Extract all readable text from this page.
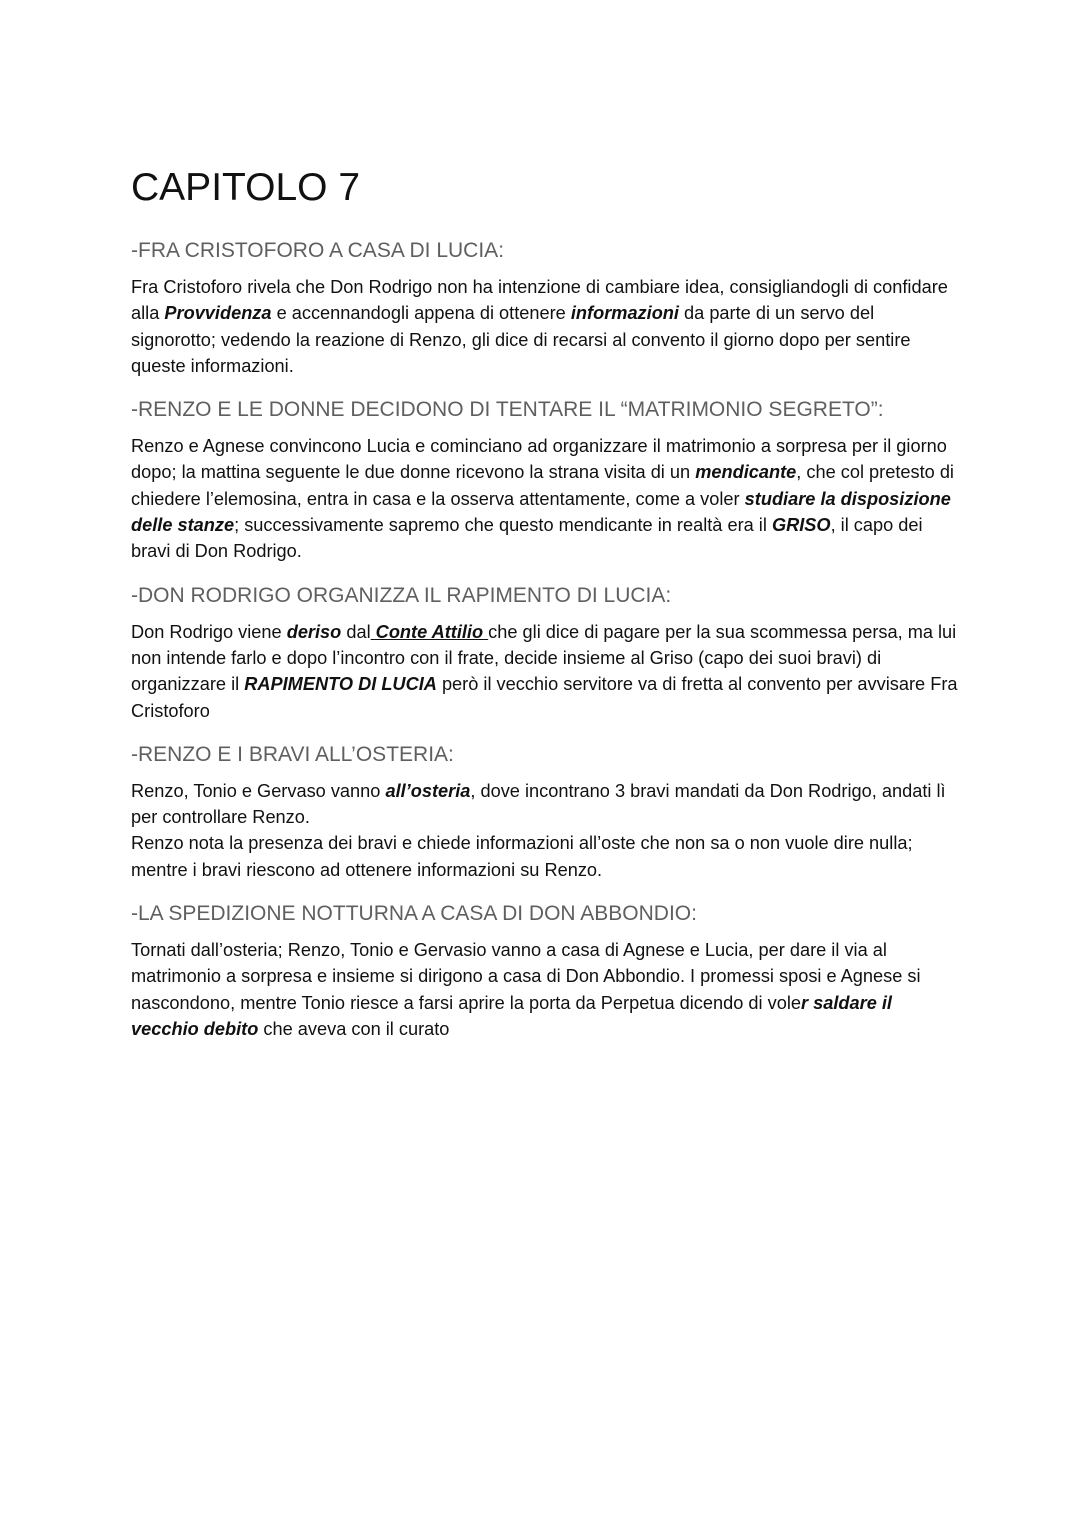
CAPITOLO 7
-FRA CRISTOFORO A CASA DI LUCIA:

Fra Cristoforo rivela che Don Rodrigo non ha intenzione di cambiare idea, consigliandogli di confidare alla Provvidenza e accennandogli appena di ottenere informazioni da parte di un servo del signorotto; vedendo la reazione di Renzo, gli dice di recarsi al convento il giorno dopo per sentire queste informazioni.

-RENZO E LE DONNE DECIDONO DI TENTARE IL “MATRIMONIO SEGRETO”:

Renzo e Agnese convincono Lucia e cominciano ad organizzare il matrimonio a sorpresa per il giorno dopo; la mattina seguente le due donne ricevono la strana visita di un mendicante, che col pretesto di chiedere l’elemosina, entra in casa e la osserva attentamente, come a voler studiare la disposizione delle stanze; successivamente sapremo che questo mendicante in realtà era il GRISO, il capo dei bravi di Don Rodrigo.

-DON RODRIGO ORGANIZZA IL RAPIMENTO DI LUCIA:

Don Rodrigo viene deriso dal Conte Attilio che gli dice di pagare per la sua scommessa persa, ma lui non intende farlo e dopo l’incontro con il frate, decide insieme al Griso (capo dei suoi bravi) di organizzare il RAPIMENTO DI LUCIA però il vecchio servitore va di fretta al convento per avvisare Fra Cristoforo

-RENZO E I BRAVI ALL’OSTERIA:

Renzo, Tonio e Gervaso vanno all’osteria, dove incontrano 3 bravi mandati da Don Rodrigo, andati lì per controllare Renzo.

Renzo nota la presenza dei bravi e chiede informazioni all’oste che non sa o non vuole dire nulla; mentre i bravi riescono ad ottenere informazioni su Renzo.

-LA SPEDIZIONE NOTTURNA A CASA DI DON ABBONDIO:

Tornati dall’osteria; Renzo, Tonio e Gervasio vanno a casa di Agnese e Lucia, per dare il via al matrimonio a sorpresa e insieme si dirigono a casa di Don Abbondio. I promessi sposi e Agnese si nascondono, mentre Tonio riesce a farsi aprire la porta da Perpetua dicendo di voler saldare il vecchio debito che aveva con il curato
